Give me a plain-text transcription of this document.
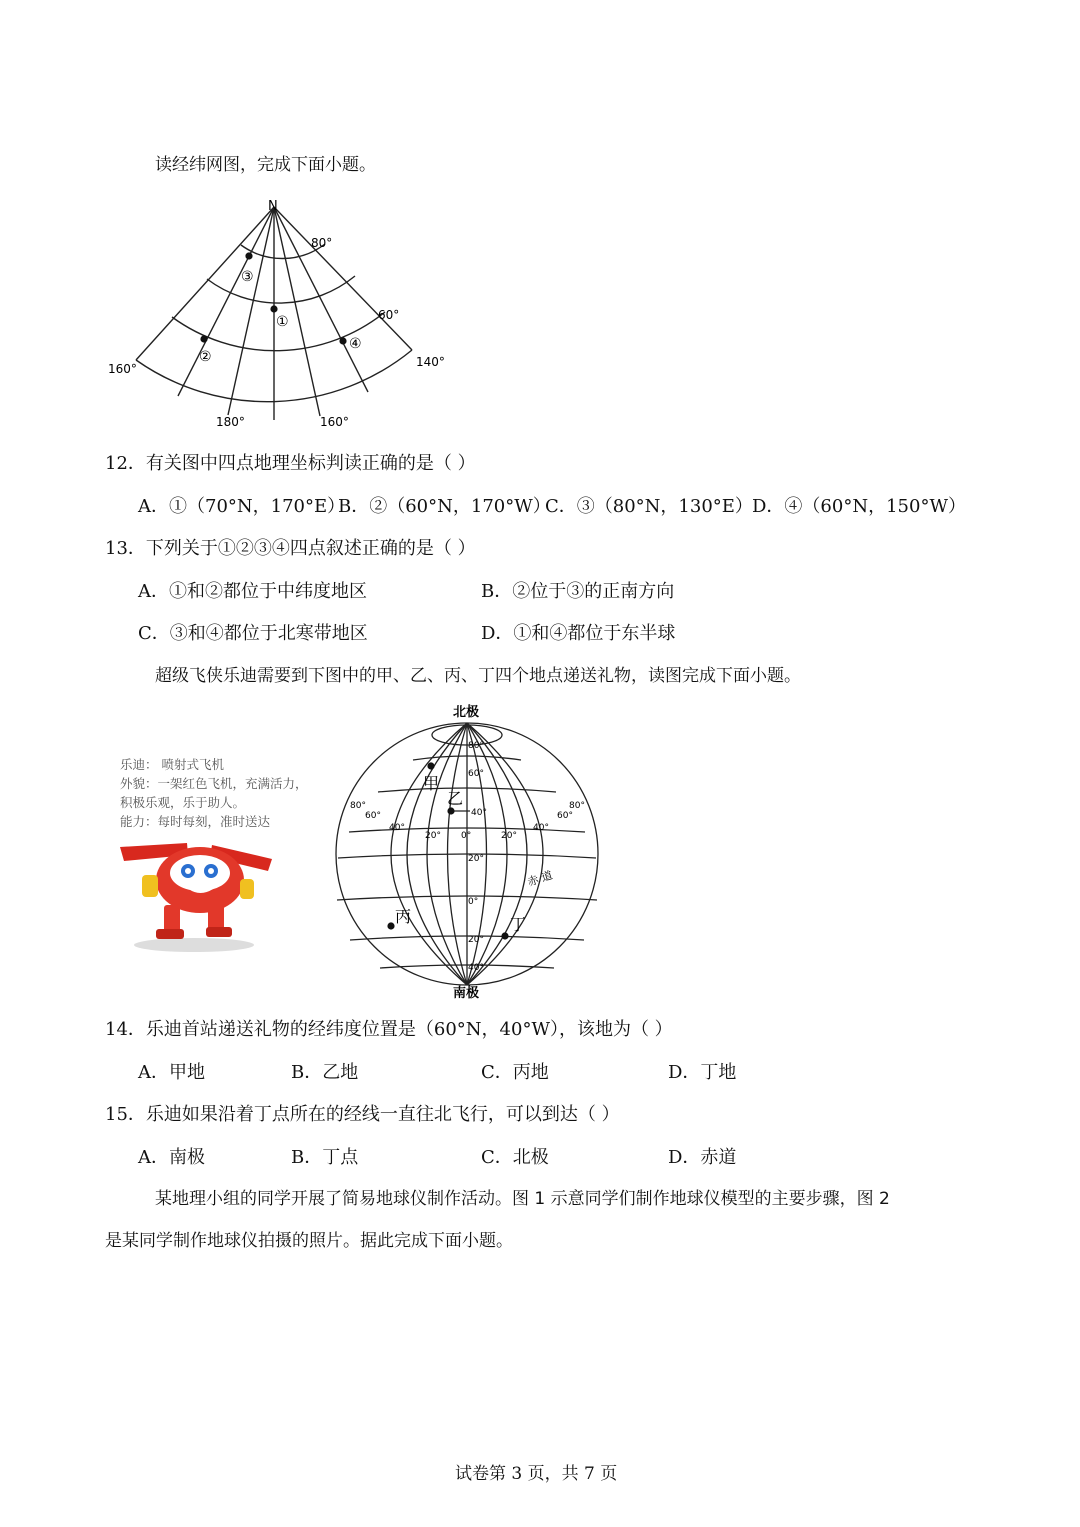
读经纬网图，完成下面小题。
N
80°
60°
160°	140°
180°	160°
③
①
②
④
12．有关图中四点地理坐标判读正确的是（ ）
A．①（70°N，170°E）
B．②（60°N，170°W）
C．③（80°N，130°E） D．④（60°N，150°W）
13．下列关于①②③④四点叙述正确的是（ ）
A．①和②都位于中纬度地区	B．②位于③的正南方向
C．③和④都位于北寒带地区	D．①和④都位于东半球
超级飞侠乐迪需要到下图中的甲、乙、丙、丁四个地点递送礼物，读图完成下面小题。
乐迪： 喷射式飞机
外貌：一架红色飞机，充满活力，
积极乐观，乐于助人。
能力：每时每刻，准时送达
北极
南极
赤 道
甲
乙
丙	丁
80°
60°
40°
20°
0°
20°
40°
80°
60°
40°
20° 0°	20°
40°
60°
80°
14．乐迪首站递送礼物的经纬度位置是（60°N，40°W），该地为（ ）
A．甲地	B．乙地	C．丙地	D．丁地
15．乐迪如果沿着丁点所在的经线一直往北飞行，可以到达（ ）
A．南极	B．丁点	C．北极	D．赤道
某地理小组的同学开展了简易地球仪制作活动。图 1 示意同学们制作地球仪模型的主要步骤，图 2
是某同学制作地球仪拍摄的照片。据此完成下面小题。
试卷第 3 页，共 7 页
